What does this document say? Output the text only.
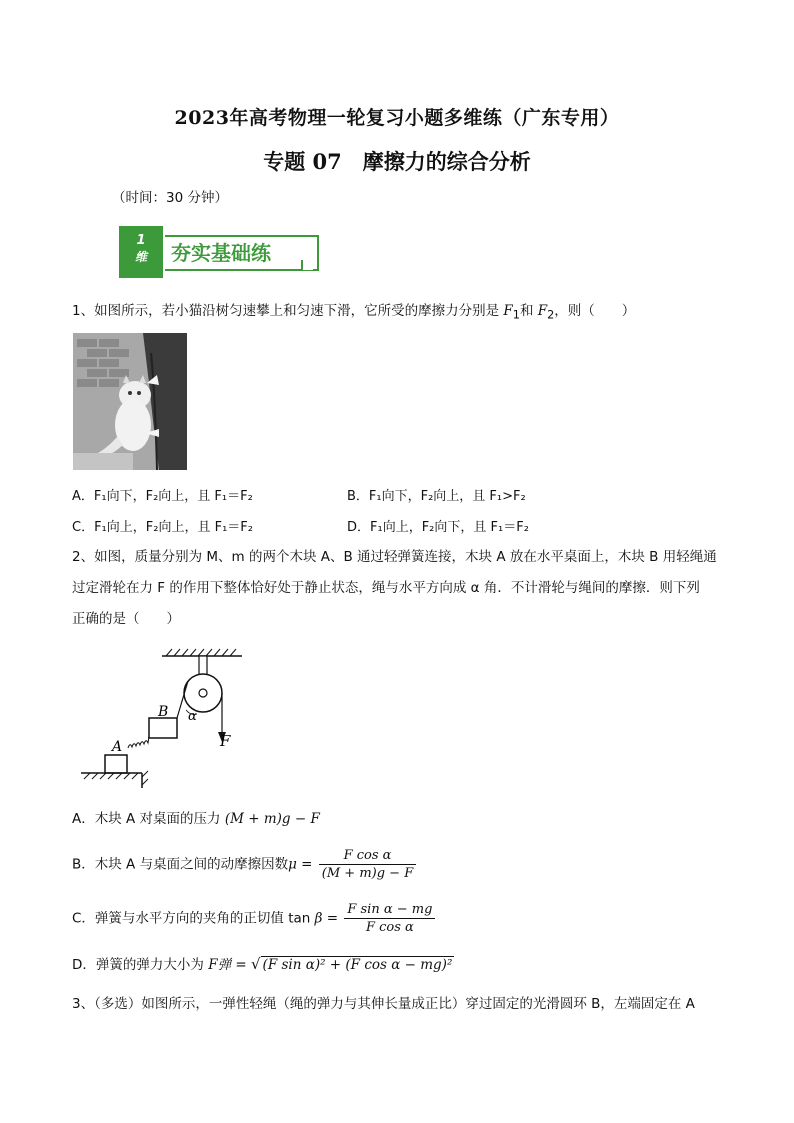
2023年高考物理一轮复习小题多维练（广东专用）
专题 07　摩擦力的综合分析
（时间：30 分钟）
1
维	夯实基础练
1、如图所示，若小猫沿树匀速攀上和匀速下滑，它所受的摩擦力分别是 $F_1$和 $F_2$，则（　　）
A．F₁向下，F₂向上，且 F₁＝F₂	B．F₁向下，F₂向上，且 F₁>F₂
C．F₁向上，F₂向上，且 F₁＝F₂	D．F₁向上，F₂向下，且 F₁＝F₂
2、如图，质量分别为 M、m 的两个木块 A、B 通过轻弹簧连接，木块 A 放在水平桌面上，木块 B 用轻绳通
过定滑轮在力 F 的作用下整体恰好处于静止状态，绳与水平方向成 α 角．不计滑轮与绳间的摩擦．则下列
正确的是（　　）
A
B α
F
A．木块 A 对桌面的压力 (M + m)g − F
B．木块 A 与桌面之间的动摩擦因数$\mu = \frac{\text{F cos α}}{(M + m)g - F}$
C．弹簧与水平方向的夹角的正切值 $\tan \beta = \frac{\text{F sin α − mg}}{\text{F cos α}}$
D．弹簧的弹力大小为 F弹 = √ (F sin α)² + (F cos α − mg)²
3、（多选）如图所示，一弹性轻绳（绳的弹力与其伸长量成正比）穿过固定的光滑圆环 B，左端固定在 A
